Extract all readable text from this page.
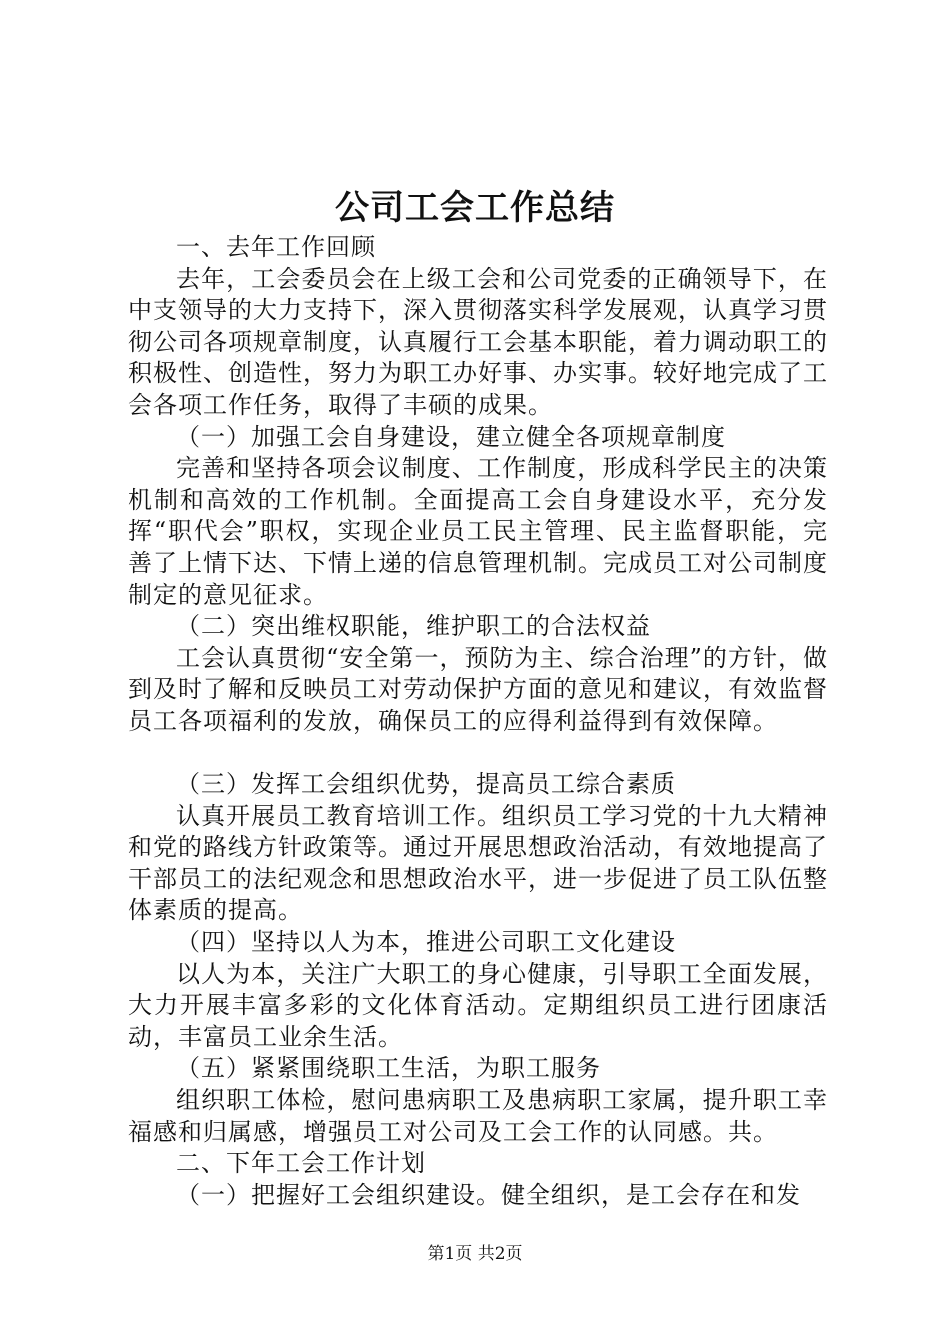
公司工会工作总结

一、去年工作回顾

去年，工会委员会在上级工会和公司党委的正确领导下，在中支领导的大力支持下，深入贯彻落实科学发展观，认真学习贯彻公司各项规章制度，认真履行工会基本职能，着力调动职工的积极性、创造性，努力为职工办好事、办实事。较好地完成了工会各项工作任务，取得了丰硕的成果。

（一）加强工会自身建设，建立健全各项规章制度

完善和坚持各项会议制度、工作制度，形成科学民主的决策机制和高效的工作机制。全面提高工会自身建设水平，充分发挥“职代会”职权，实现企业员工民主管理、民主监督职能，完善了上情下达、下情上递的信息管理机制。完成员工对公司制度制定的意见征求。

（二）突出维权职能，维护职工的合法权益

工会认真贯彻“安全第一，预防为主、综合治理”的方针，做到及时了解和反映员工对劳动保护方面的意见和建议，有效监督员工各项福利的发放，确保员工的应得利益得到有效保障。

（三）发挥工会组织优势，提高员工综合素质

认真开展员工教育培训工作。组织员工学习党的十九大精神和党的路线方针政策等。通过开展思想政治活动，有效地提高了干部员工的法纪观念和思想政治水平，进一步促进了员工队伍整体素质的提高。

（四）坚持以人为本，推进公司职工文化建设

以人为本，关注广大职工的身心健康，引导职工全面发展，大力开展丰富多彩的文化体育活动。定期组织员工进行团康活动，丰富员工业余生活。

（五）紧紧围绕职工生活，为职工服务

组织职工体检，慰问患病职工及患病职工家属，提升职工幸福感和归属感，增强员工对公司及工会工作的认同感。共。

二、下年工会工作计划

（一）把握好工会组织建设。健全组织，是工会存在和发

第1页 共2页
